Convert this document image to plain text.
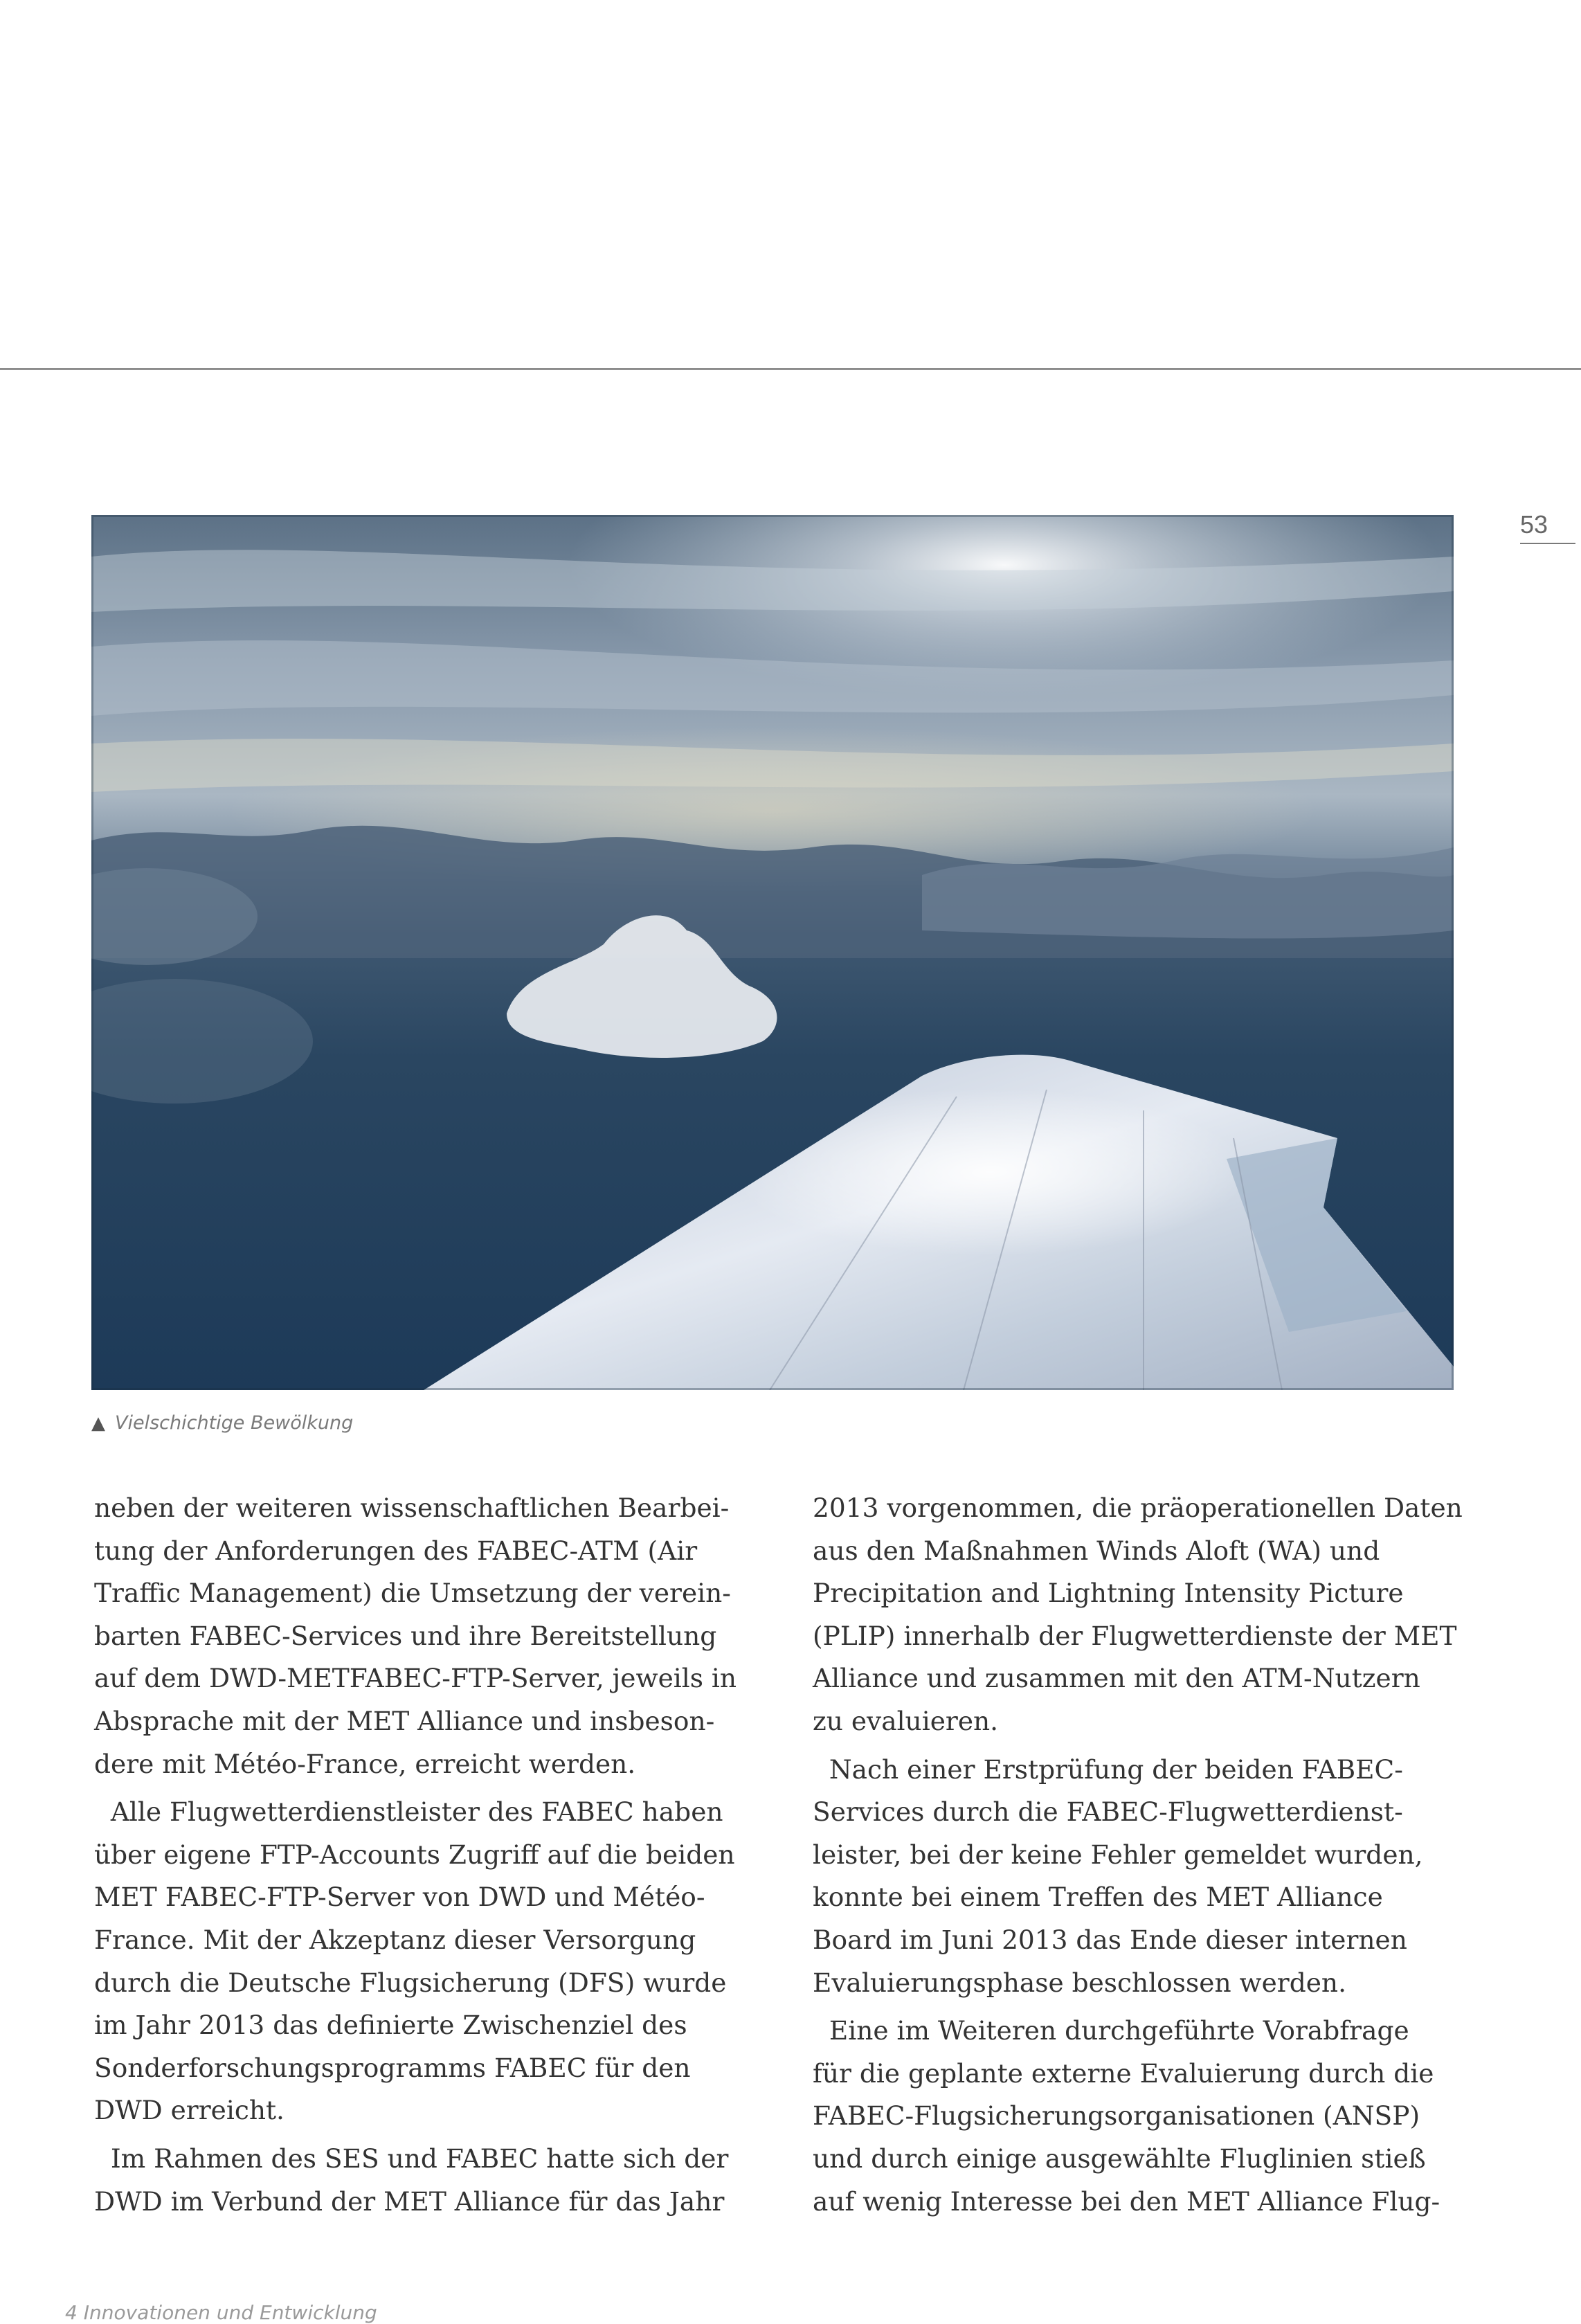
53
▲ Vielschichtige Bewölkung

neben der weiteren wissenschaftlichen Bearbei-
tung der Anforderungen des FABEC-ATM (Air
Traffic Management) die Umsetzung der verein-
barten FABEC-Services und ihre Bereitstellung
auf dem DWD-METFABEC-FTP-Server, jeweils in
Absprache mit der MET Alliance und insbeson-
dere mit Météo-France, erreicht werden.

Alle Flugwetterdienstleister des FABEC haben
über eigene FTP-Accounts Zugriff auf die beiden
MET FABEC-FTP-Server von DWD und Météo-
France. Mit der Akzeptanz dieser Versorgung
durch die Deutsche Flugsicherung (DFS) wurde
im Jahr 2013 das definierte Zwischenziel des
Sonderforschungsprogramms FABEC für den
DWD erreicht.

Im Rahmen des SES und FABEC hatte sich der
DWD im Verbund der MET Alliance für das Jahr

2013 vorgenommen, die präoperationellen Daten
aus den Maßnahmen Winds Aloft (WA) und
Precipitation and Lightning Intensity Picture
(PLIP) innerhalb der Flugwetterdienste der MET
Alliance und zusammen mit den ATM-Nutzern
zu evaluieren.

Nach einer Erstprüfung der beiden FABEC-
Services durch die FABEC-Flugwetterdienst-
leister, bei der keine Fehler gemeldet wurden,
konnte bei einem Treffen des MET Alliance
Board im Juni 2013 das Ende dieser internen
Evaluierungsphase beschlossen werden.

Eine im Weiteren durchgeführte Vorabfrage
für die geplante externe Evaluierung durch die
FABEC-Flugsicherungsorganisationen (ANSP)
und durch einige ausgewählte Fluglinien stieß
auf wenig Interesse bei den MET Alliance Flug-

4 Innovationen und Entwicklung
